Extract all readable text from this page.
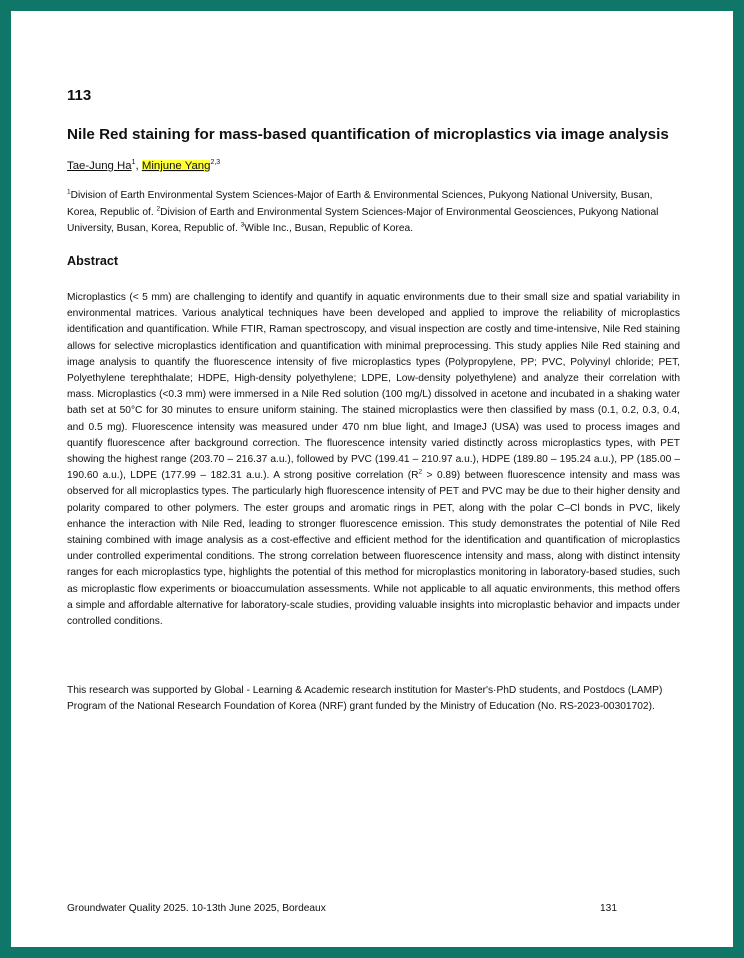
113
Nile Red staining for mass-based quantification of microplastics via image analysis
Tae-Jung Ha$^1$, Minjune Yang$^{2,3}$
$^1$Division of Earth Environmental System Sciences-Major of Earth & Environmental Sciences, Pukyong National University, Busan, Korea, Republic of. $^2$Division of Earth and Environmental System Sciences-Major of Environmental Geosciences, Pukyong National University, Busan, Korea, Republic of. $^3$Wible Inc., Busan, Republic of Korea.
Abstract
Microplastics (< 5 mm) are challenging to identify and quantify in aquatic environments due to their small size and spatial variability in environmental matrices. Various analytical techniques have been developed and applied to improve the reliability of microplastics identification and quantification. While FTIR, Raman spectroscopy, and visual inspection are costly and time-intensive, Nile Red staining allows for selective microplastics identification and quantification with minimal preprocessing. This study applies Nile Red staining and image analysis to quantify the fluorescence intensity of five microplastics types (Polypropylene, PP; PVC, Polyvinyl chloride; PET, Polyethylene terephthalate; HDPE, High-density polyethylene; LDPE, Low-density polyethylene) and analyze their correlation with mass. Microplastics (<0.3 mm) were immersed in a Nile Red solution (100 mg/L) dissolved in acetone and incubated in a shaking water bath set at 50°C for 30 minutes to ensure uniform staining. The stained microplastics were then classified by mass (0.1, 0.2, 0.3, 0.4, and 0.5 mg). Fluorescence intensity was measured under 470 nm blue light, and ImageJ (USA) was used to process images and quantify fluorescence after background correction. The fluorescence intensity varied distinctly across microplastics types, with PET showing the highest range (203.70 – 216.37 a.u.), followed by PVC (199.41 – 210.97 a.u.), HDPE (189.80 – 195.24 a.u.), PP (185.00 – 190.60 a.u.), LDPE (177.99 – 182.31 a.u.). A strong positive correlation $(R^2 > 0.89)$ between fluorescence intensity and mass was observed for all microplastics types. The particularly high fluorescence intensity of PET and PVC may be due to their higher density and polarity compared to other polymers. The ester groups and aromatic rings in PET, along with the polar C–Cl bonds in PVC, likely enhance the interaction with Nile Red, leading to stronger fluorescence emission. This study demonstrates the potential of Nile Red staining combined with image analysis as a cost-effective and efficient method for the identification and quantification of microplastics under controlled experimental conditions. The strong correlation between fluorescence intensity and mass, along with distinct intensity ranges for each microplastics type, highlights the potential of this method for microplastics monitoring in laboratory-based studies, such as microplastic flow experiments or bioaccumulation assessments. While not applicable to all aquatic environments, this method offers a simple and affordable alternative for laboratory-scale studies, providing valuable insights into microplastic behavior and impacts under controlled conditions.
This research was supported by Global - Learning & Academic research institution for Master's·PhD students, and Postdocs (LAMP) Program of the National Research Foundation of Korea (NRF) grant funded by the Ministry of Education (No. RS-2023-00301702).
Groundwater Quality 2025. 10-13th June 2025, Bordeaux	131
